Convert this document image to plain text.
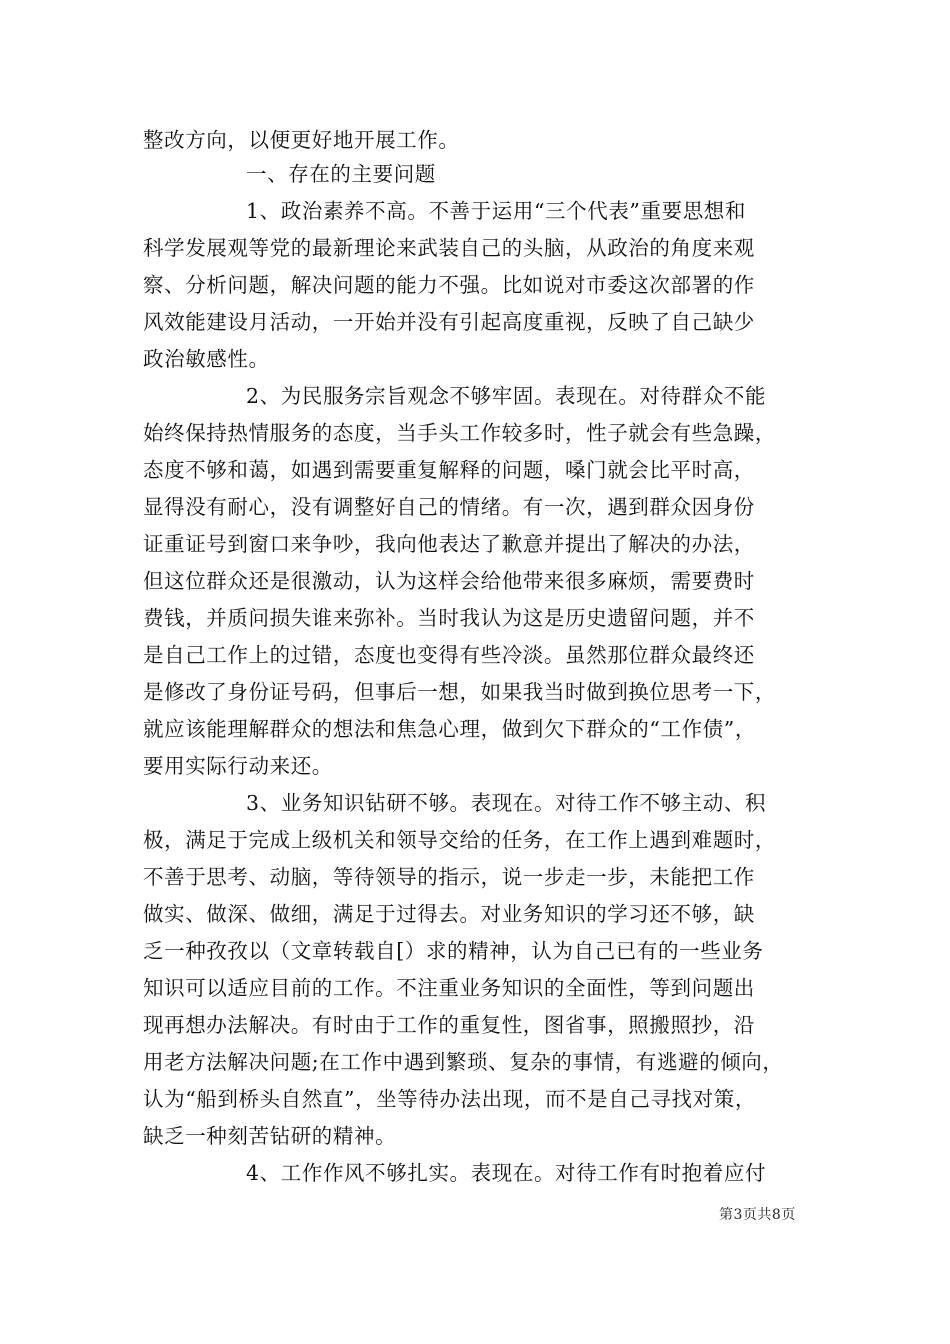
整改方向，以便更好地开展工作。
一、存在的主要问题
1、政治素养不高。不善于运用“三个代表”重要思想和
科学发展观等党的最新理论来武装自己的头脑，从政治的角度来观
察、分析问题，解决问题的能力不强。比如说对市委这次部署的作
风效能建设月活动，一开始并没有引起高度重视，反映了自己缺少
政治敏感性。
2、为民服务宗旨观念不够牢固。表现在。对待群众不能
始终保持热情服务的态度，当手头工作较多时，性子就会有些急躁，
态度不够和蔼，如遇到需要重复解释的问题，嗓门就会比平时高，
显得没有耐心，没有调整好自己的情绪。有一次，遇到群众因身份
证重证号到窗口来争吵，我向他表达了歉意并提出了解决的办法，
但这位群众还是很激动，认为这样会给他带来很多麻烦，需要费时
费钱，并质问损失谁来弥补。当时我认为这是历史遗留问题，并不
是自己工作上的过错，态度也变得有些冷淡。虽然那位群众最终还
是修改了身份证号码，但事后一想，如果我当时做到换位思考一下，
就应该能理解群众的想法和焦急心理，做到欠下群众的“工作债”，
要用实际行动来还。
3、业务知识钻研不够。表现在。对待工作不够主动、积
极，满足于完成上级机关和领导交给的任务，在工作上遇到难题时，
不善于思考、动脑，等待领导的指示，说一步走一步，未能把工作
做实、做深、做细，满足于过得去。对业务知识的学习还不够，缺
乏一种孜孜以（文章转载自[）求的精神，认为自己已有的一些业务
知识可以适应目前的工作。不注重业务知识的全面性，等到问题出
现再想办法解决。有时由于工作的重复性，图省事，照搬照抄，沿
用老方法解决问题;在工作中遇到繁琐、复杂的事情，有逃避的倾向，
认为“船到桥头自然直”，坐等待办法出现，而不是自己寻找对策，
缺乏一种刻苦钻研的精神。
4、工作作风不够扎实。表现在。对待工作有时抱着应付
第3页共8页
